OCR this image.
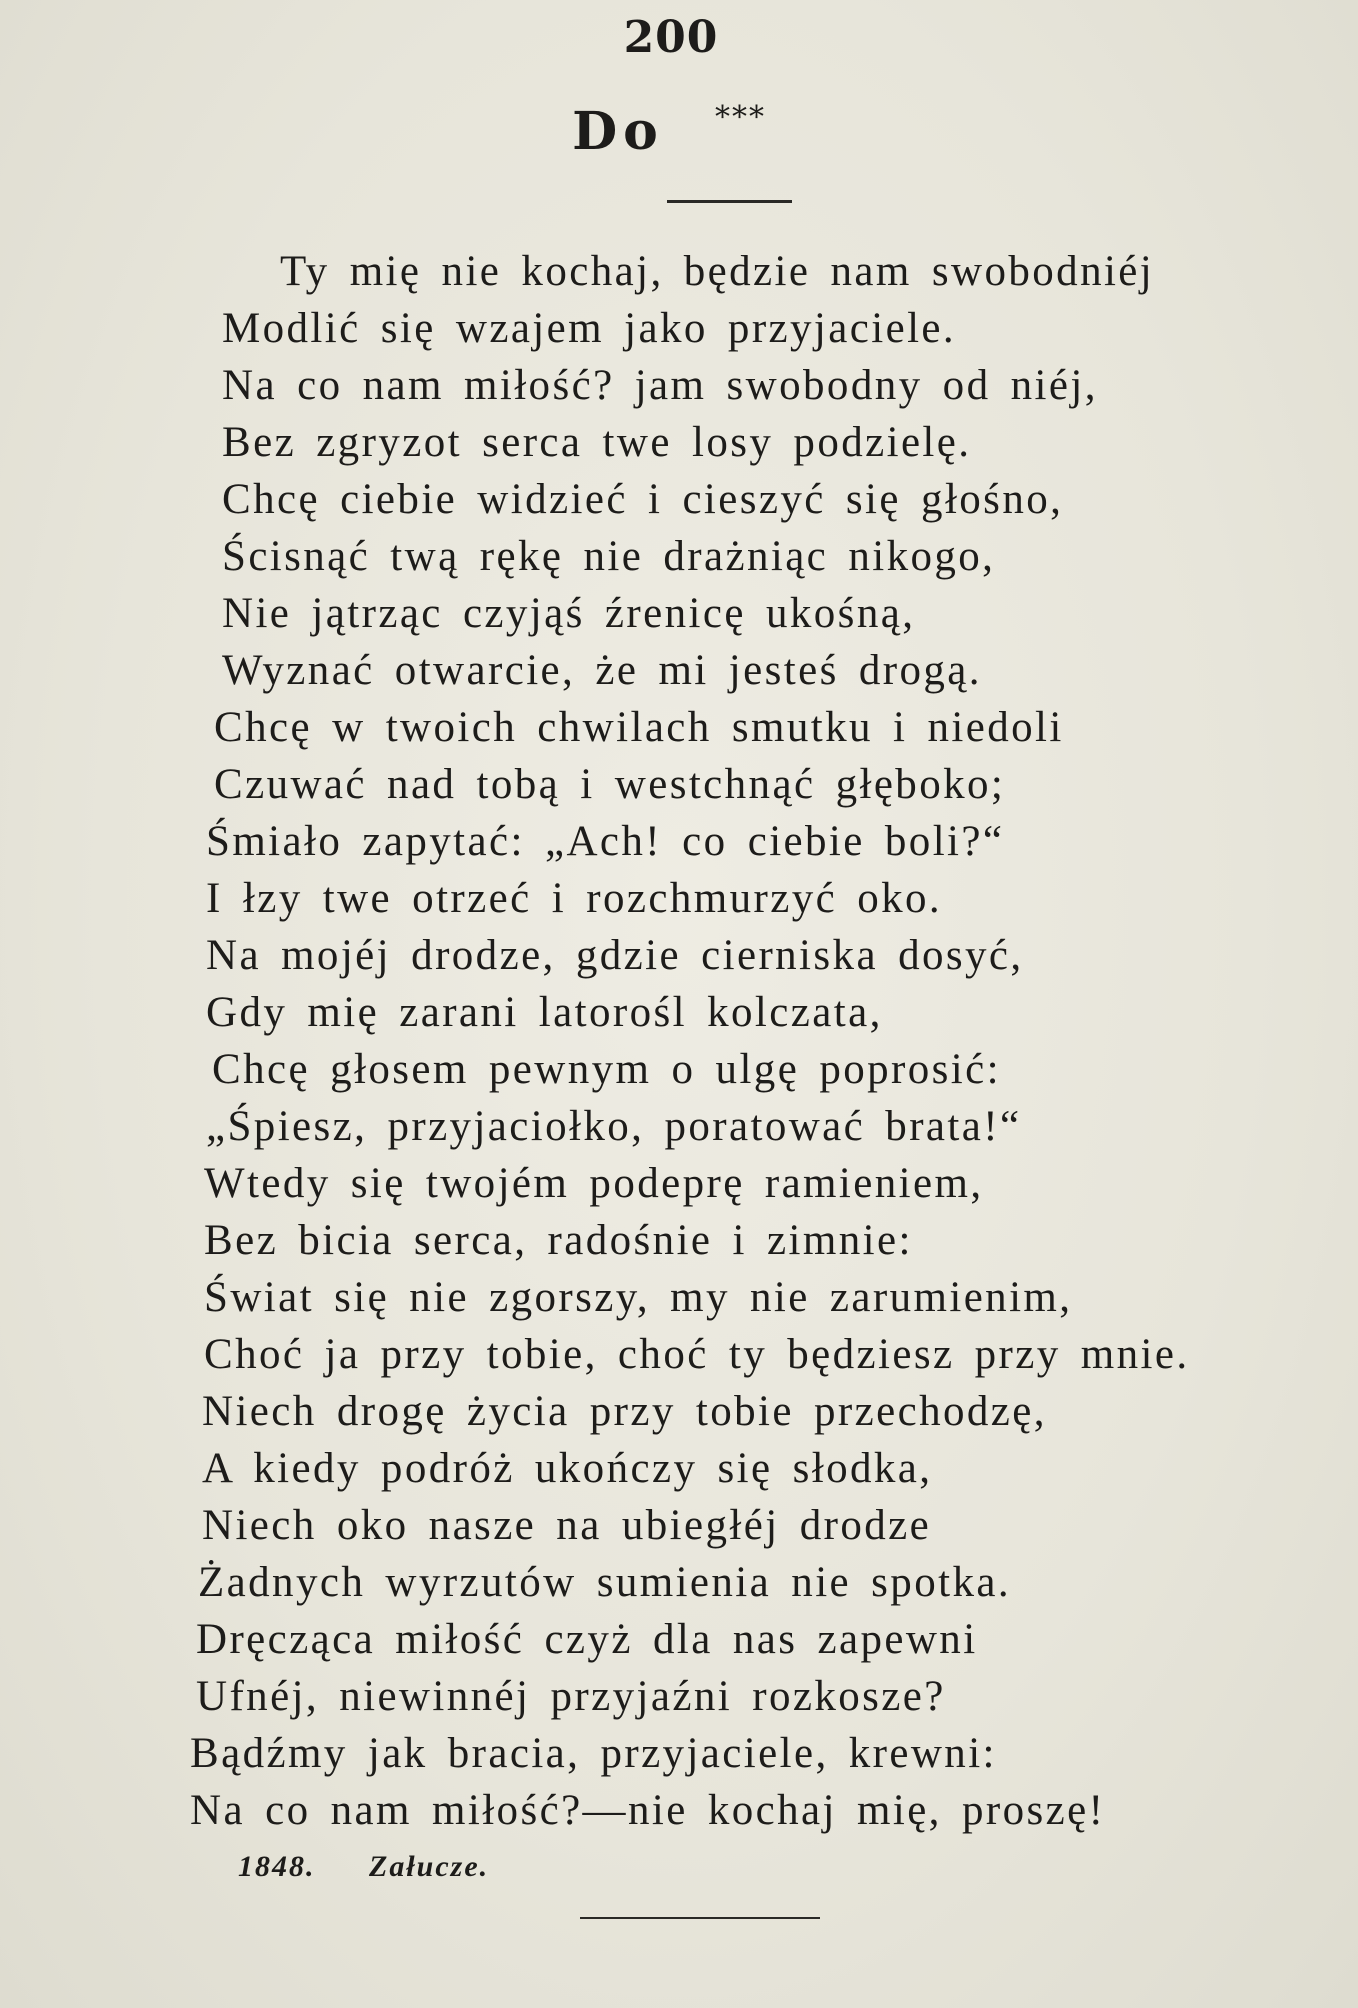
200
Do ***
Ty mię nie kochaj, będzie nam swobodniéj
Modlić się wzajem jako przyjaciele.
Na co nam miłość? jam swobodny od niéj,
Bez zgryzot serca twe losy podzielę.
Chcę ciebie widzieć i cieszyć się głośno,
Ścisnąć twą rękę nie drażniąc nikogo,
Nie jątrząc czyjąś źrenicę ukośną,
Wyznać otwarcie, że mi jesteś drogą.
Chcę w twoich chwilach smutku i niedoli
Czuwać nad tobą i westchnąć głęboko;
Śmiało zapytać: „Ach! co ciebie boli?“
I łzy twe otrzeć i rozchmurzyć oko.
Na mojéj drodze, gdzie cierniska dosyć,
Gdy mię zarani latorośl kolczata,
Chcę głosem pewnym o ulgę poprosić:
„Śpiesz, przyjaciołko, poratować brata!“
Wtedy się twojém podeprę ramieniem,
Bez bicia serca, radośnie i zimnie:
Świat się nie zgorszy, my nie zarumienim,
Choć ja przy tobie, choć ty będziesz przy mnie.
Niech drogę życia przy tobie przechodzę,
A kiedy podróż ukończy się słodka,
Niech oko nasze na ubiegłéj drodze
Żadnych wyrzutów sumienia nie spotka.
Dręcząca miłość czyż dla nas zapewni
Ufnéj, niewinnéj przyjaźni rozkosze?
Bądźmy jak bracia, przyjaciele, krewni:
Na co nam miłość?—nie kochaj mię, proszę!
1848. Załucze.
